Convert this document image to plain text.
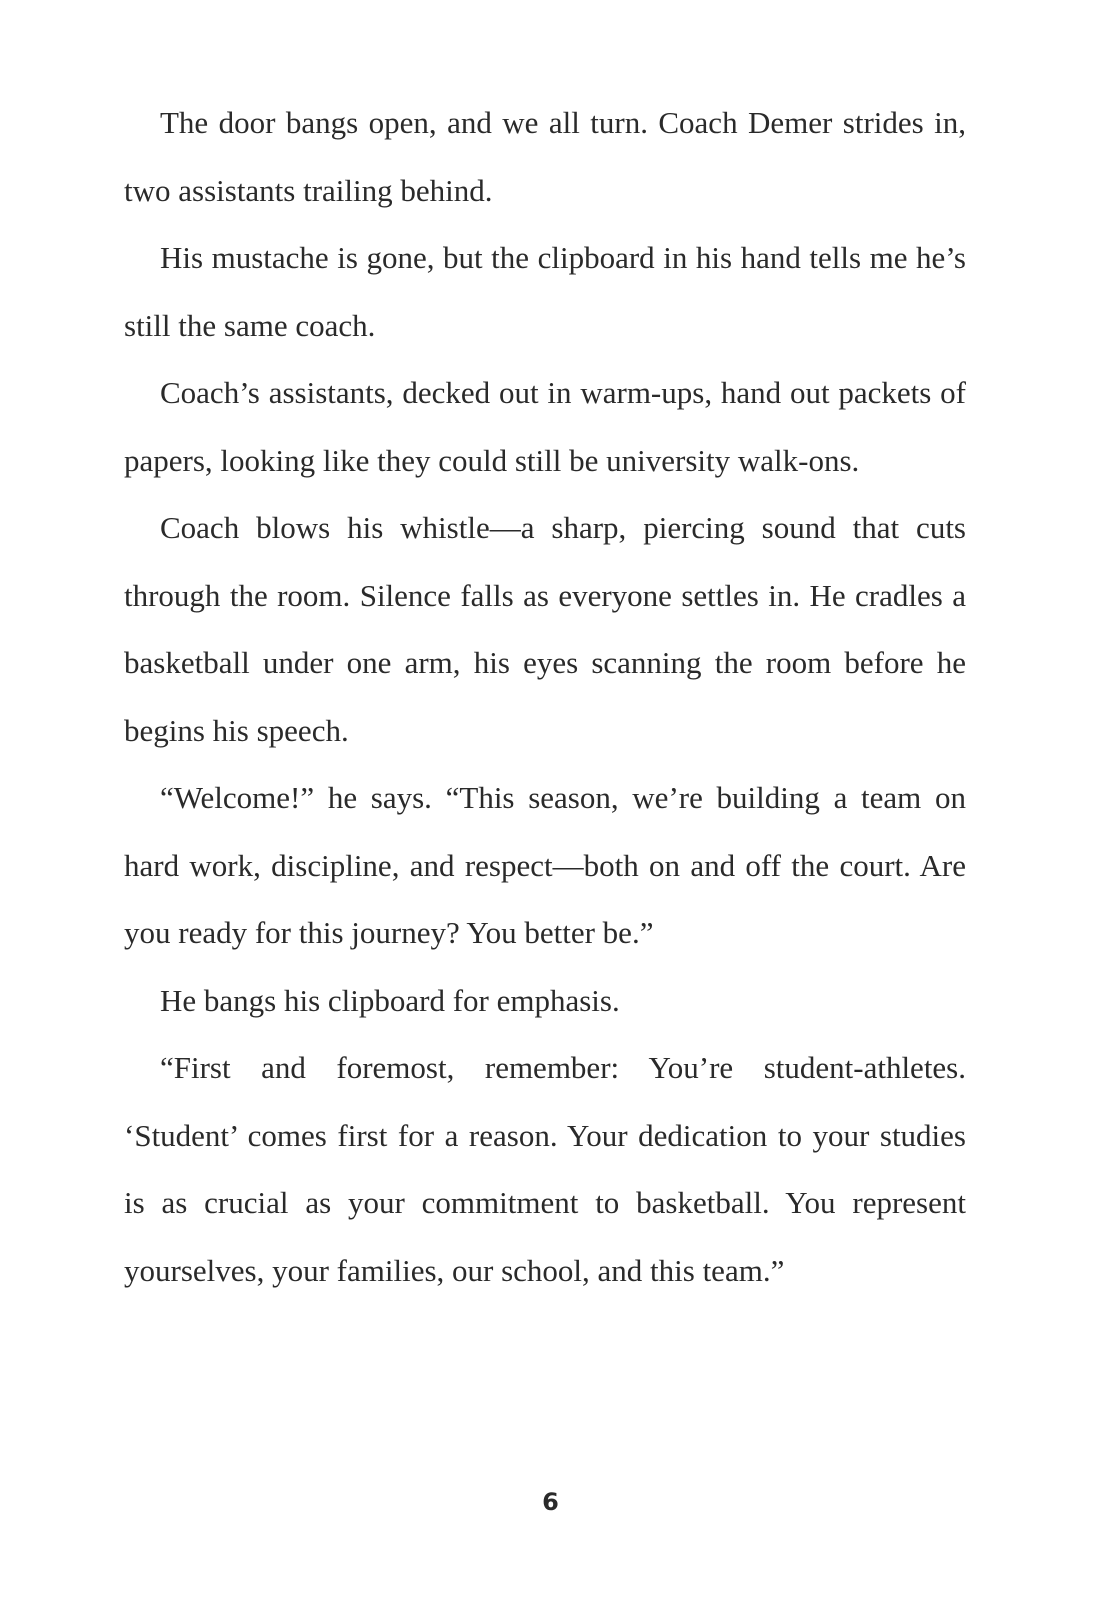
The door bangs open, and we all turn. Coach Demer strides in, two assistants trailing behind.

His mustache is gone, but the clipboard in his hand tells me he’s still the same coach.

Coach’s assistants, decked out in warm-ups, hand out packets of papers, looking like they could still be university walk-ons.

Coach blows his whistle—a sharp, piercing sound that cuts through the room. Silence falls as everyone settles in. He cradles a basketball under one arm, his eyes scanning the room before he begins his speech.

“Welcome!” he says. “This season, we’re building a team on hard work, discipline, and respect—both on and off the court. Are you ready for this journey? You better be.”

He bangs his clipboard for emphasis.

“First and foremost, remember: You’re student-athletes. ‘Student’ comes first for a reason. Your dedication to your studies is as crucial as your commitment to basketball. You represent yourselves, your families, our school, and this team.”

6
